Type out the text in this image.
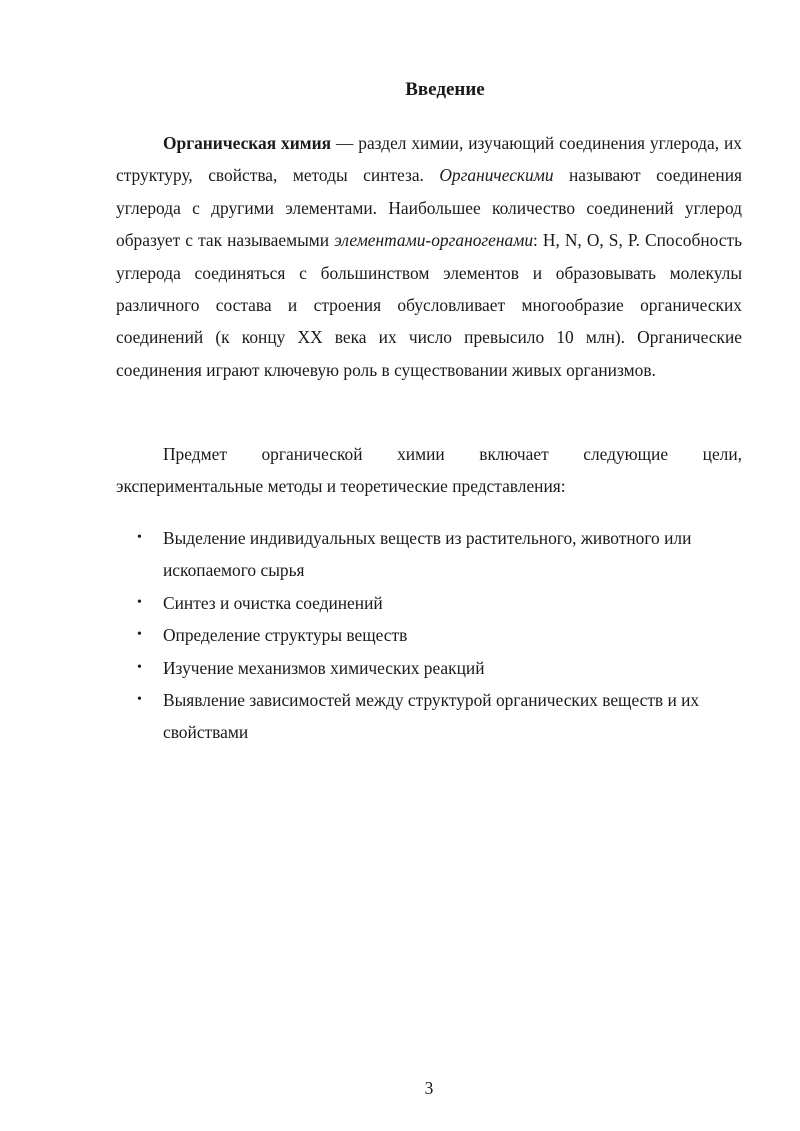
Введение

Органическая химия — раздел химии, изучающий соединения углерода, их структуру, свойства, методы синтеза. Органическими называют соединения углерода с другими элементами. Наибольшее количество соединений углерод образует с так называемыми элементами-органогенами: H, N, O, S, P. Способность углерода соединяться с большинством элементов и образовывать молекулы различного состава и строения обусловливает многообразие органических соединений (к концу XX века их число превысило 10 млн). Органические соединения играют ключевую роль в существовании живых организмов.

Предмет органической химии включает следующие цели, экспериментальные методы и теоретические представления:

• Выделение индивидуальных веществ из растительного, животного или ископаемого сырья
• Синтез и очистка соединений
• Определение структуры веществ
• Изучение механизмов химических реакций
• Выявление зависимостей между структурой органических веществ и их свойствами
3
